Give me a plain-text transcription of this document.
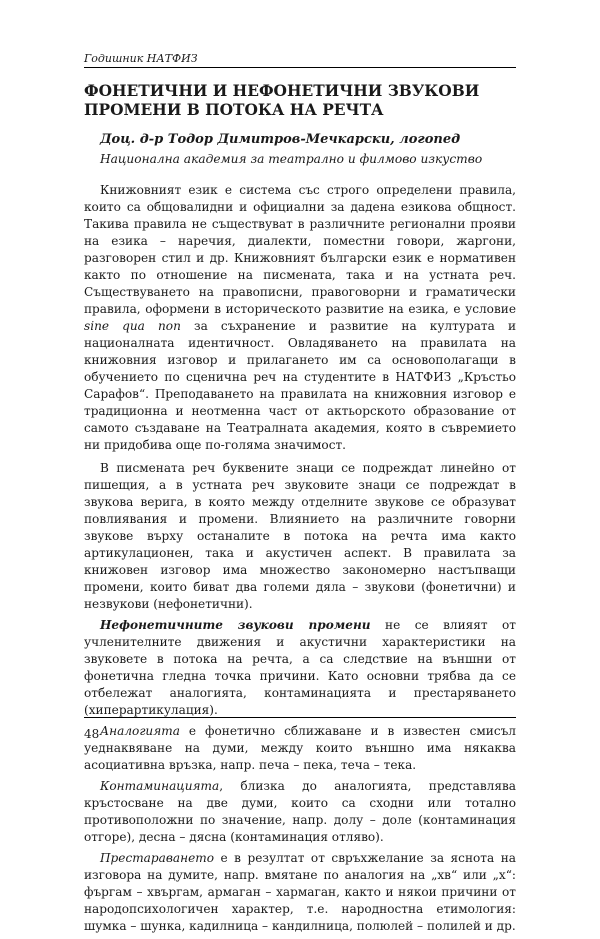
Годишник НАТФИЗ
ФОНЕТИЧНИ И НЕФОНЕТИЧНИ ЗВУКОВИ ПРОМЕНИ В ПОТОКА НА РЕЧТА

Доц. д-р Тодор Димитров-Мечкарски, логопед

Национална академия за театрално и филмово изкуство

Книжовният език е система със строго определени правила, които са общовалидни и официални за дадена езикова общност. Такива правила не съществуват в различните регионални прояви на езика – наречия, диалекти, поместни говори, жаргони, разговорен стил и др. Книжовният български език е нормативен както по отношение на писмената, така и на устната реч. Съществуването на правописни, правоговорни и граматически правила, оформени в историческото развитие на езика, е условие sine qua non за съхранение и развитие на културата и националната идентичност. Овладяването на правилата на книжовния изговор и прилагането им са основополагащи в обучението по сценична реч на студентите в НАТФИЗ „Кръстьо Сарафов“. Преподаването на правилата на книжовния изговор е традиционна и неотменна част от актьорското образование от самото създаване на Театралната академия, която в съвремието ни придобива още по-голяма значимост.

В писмената реч буквените знаци се подреждат линейно от пишещия, а в устната реч звуковите знаци се подреждат в звукова верига, в която между отделните звукове се образуват повлиявания и промени. Влиянието на различните говорни звукове върху останалите в потока на речта има както артикулационен, така и акустичен аспект. В правилата за книжовен изговор има множество закономерно настъпващи промени, които биват два големи дяла – звукови (фонетични) и незвукови (нефонетични).

Нефонетичните звукови промени не се влияят от учленителните движения и акустични характеристики на звуковете в потока на речта, а са следствие на външни от фонетична гледна точка причини. Като основни трябва да се отбележат аналогията, контаминацията и престаряването (хиперартикулация).

Аналогията е фонетично сближаване и в известен смисъл уеднаквяване на думи, между които външно има някаква асоциативна връзка, напр. печа – пека, теча – тека.

Контаминацията, близка до аналогията, представлява кръстосване на две думи, които са сходни или тотално противоположни по значение, напр. долу – доле (контаминация отгоре), десна – дясна (контаминация отляво).

Престараването е в резултат от свръхжелание за яснота на изговора на думите, напр. вмятане по аналогия на „хв“ или „х“: фъргам – хвъргам, армаган – хармаган, както и някои причини от народопсихологичен характер, т.е. народностна етимология: шумка – шунка, кадилница – кандилница, полюлей – полилей и др.

48
